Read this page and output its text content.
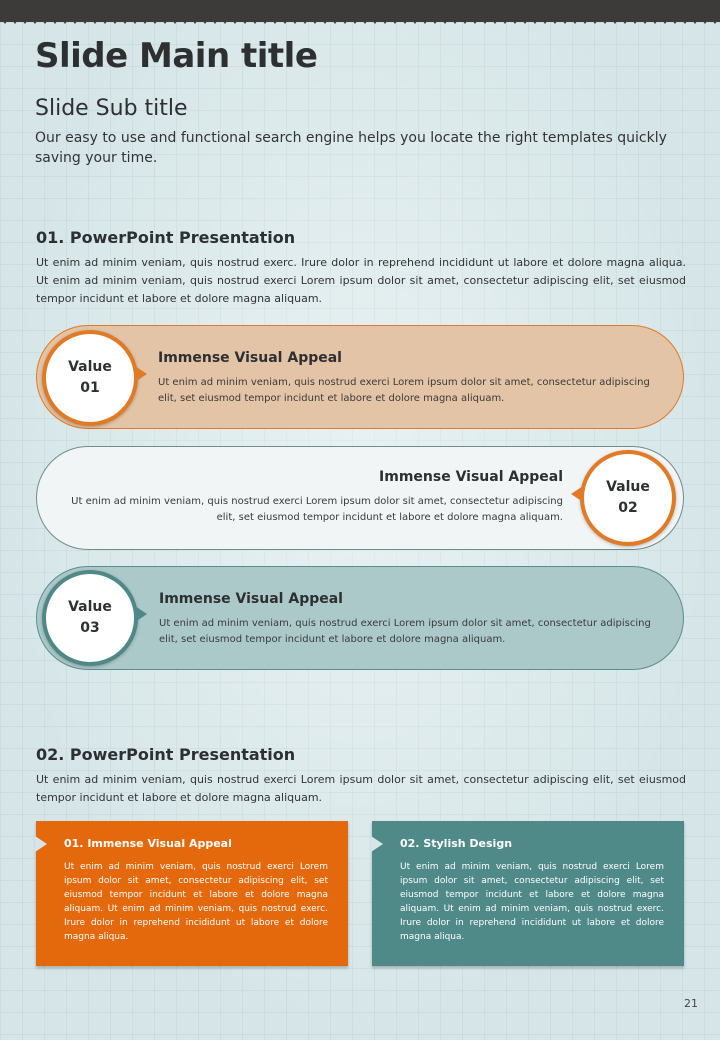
Slide Main title
Slide Sub title

Our easy to use and functional search engine helps you locate the right templates quickly saving your time.

01. PowerPoint Presentation

Ut enim ad minim veniam, quis nostrud exerc. Irure dolor in reprehend incididunt ut labore et dolore magna aliqua. Ut enim ad minim veniam, quis nostrud exerci Lorem ipsum dolor sit amet, consectetur adipiscing elit, set eiusmod tempor incidunt et labore et dolore magna aliquam.

Value
01
Immense Visual Appeal

Ut enim ad minim veniam, quis nostrud exerci Lorem ipsum dolor sit amet, consectetur adipiscing elit, set eiusmod tempor incidunt et labore et dolore magna aliquam.

Value
02
Immense Visual Appeal

Ut enim ad minim veniam, quis nostrud exerci Lorem ipsum dolor sit amet, consectetur adipiscing elit, set eiusmod tempor incidunt et labore et dolore magna aliquam.

Value
03
Immense Visual Appeal

Ut enim ad minim veniam, quis nostrud exerci Lorem ipsum dolor sit amet, consectetur adipiscing elit, set eiusmod tempor incidunt et labore et dolore magna aliquam.

02. PowerPoint Presentation

Ut enim ad minim veniam, quis nostrud exerci Lorem ipsum dolor sit amet, consectetur adipiscing elit, set eiusmod tempor incidunt et labore et dolore magna aliquam.

01. Immense Visual Appeal

Ut enim ad minim veniam, quis nostrud exerci Lorem ipsum dolor sit amet, consectetur adipiscing elit, set eiusmod tempor incidunt et labore et dolore magna aliquam. Ut enim ad minim veniam, quis nostrud exerc. Irure dolor in reprehend incididunt ut labore et dolore magna aliqua.

02. Stylish Design

Ut enim ad minim veniam, quis nostrud exerci Lorem ipsum dolor sit amet, consectetur adipiscing elit, set eiusmod tempor incidunt et labore et dolore magna aliquam. Ut enim ad minim veniam, quis nostrud exerc. Irure dolor in reprehend incididunt ut labore et dolore magna aliqua.

21
